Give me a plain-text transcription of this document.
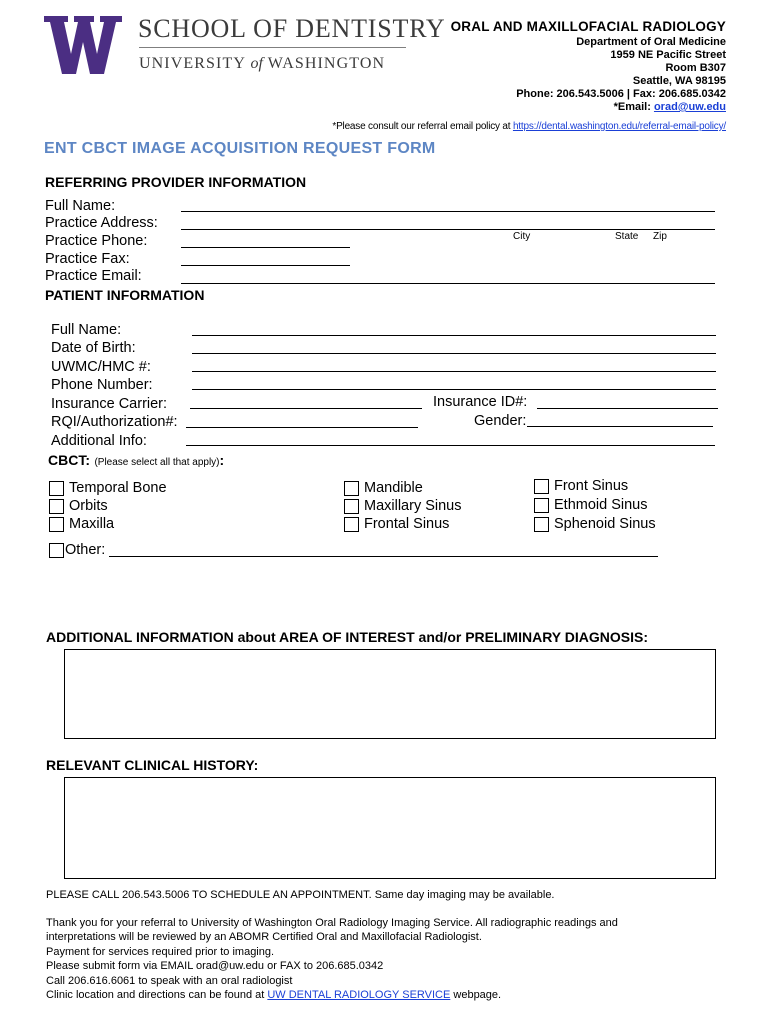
SCHOOL OF DENTISTRY
UNIVERSITY of WASHINGTON
ORAL AND MAXILLOFACIAL RADIOLOGY
Department of Oral Medicine
1959 NE Pacific Street
Room B307
Seattle, WA 98195
Phone: 206.543.5006 | Fax: 206.685.0342
*Email: orad@uw.edu
*Please consult our referral email policy at https://dental.washington.edu/referral-email-policy/
ENT CBCT IMAGE ACQUISITION REQUEST FORM
REFERRING PROVIDER INFORMATION
Full Name:
Practice Address:
City	State Zip
Practice Phone:
Practice Fax:
Practice Email:
PATIENT INFORMATION
Full Name:
Date of Birth:
UWMC/HMC #:
Phone Number:
Insurance Carrier:	Insurance ID#:
RQI/Authorization#:	Gender:
Additional Info:
CBCT: (Please select all that apply):
Temporal Bone
Orbits
Maxilla
Mandible
Maxillary Sinus
Frontal Sinus
Front Sinus
Ethmoid Sinus
Sphenoid Sinus
Other:
ADDITIONAL INFORMATION about AREA OF INTEREST and/or PRELIMINARY DIAGNOSIS:
RELEVANT CLINICAL HISTORY:

PLEASE CALL 206.543.5006 TO SCHEDULE AN APPOINTMENT. Same day imaging may be available.

Thank you for your referral to University of Washington Oral Radiology Imaging Service. All radiographic readings and

interpretations will be reviewed by an ABOMR Certified Oral and Maxillofacial Radiologist.

Payment for services required prior to imaging.

Please submit form via EMAIL orad@uw.edu or FAX to 206.685.0342

Call 206.616.6061 to speak with an oral radiologist

Clinic location and directions can be found at UW DENTAL RADIOLOGY SERVICE webpage.
